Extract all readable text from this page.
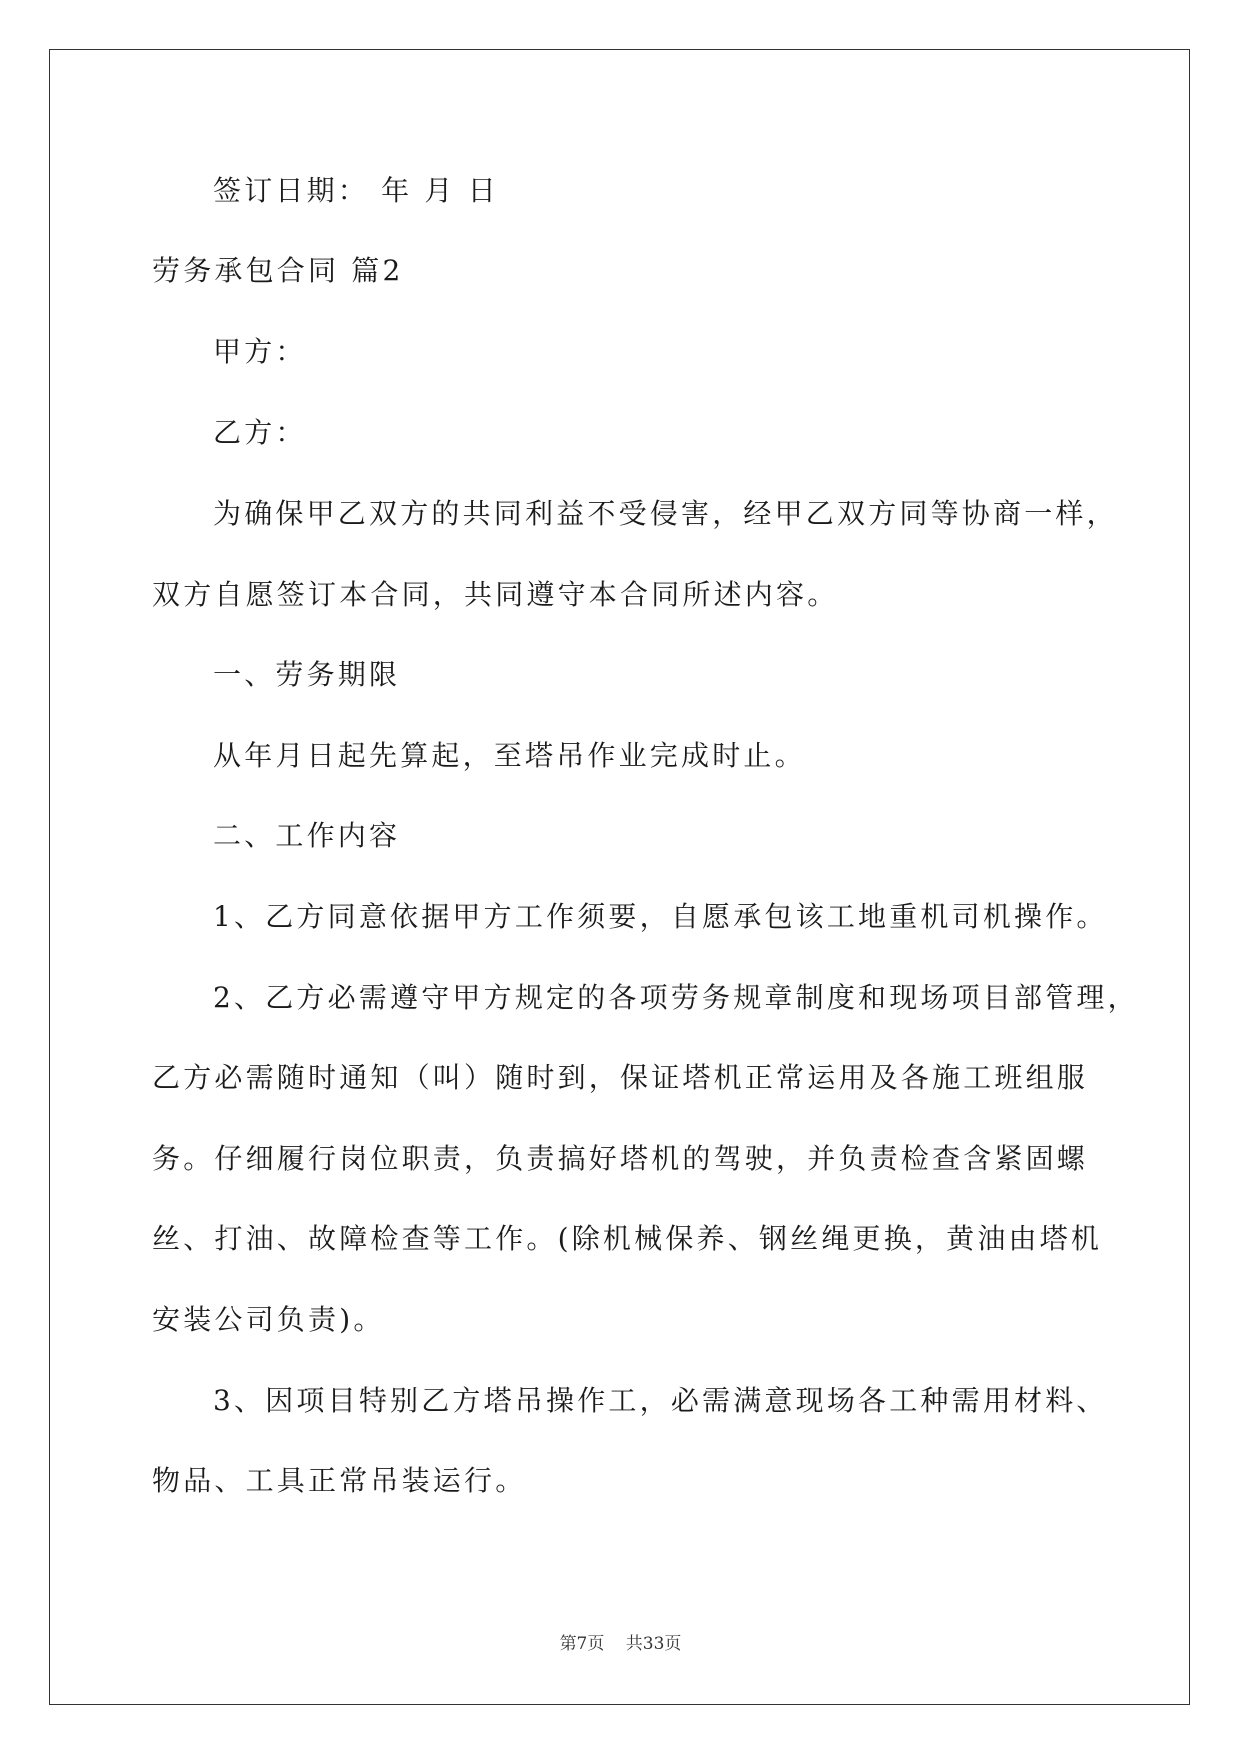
签订日期： 年 月 日
劳务承包合同 篇2
甲方：
乙方：
为确保甲乙双方的共同利益不受侵害，经甲乙双方同等协商一样，
双方自愿签订本合同，共同遵守本合同所述内容。
一、劳务期限
从年月日起先算起，至塔吊作业完成时止。
二、工作内容
1、乙方同意依据甲方工作须要，自愿承包该工地重机司机操作。
2、乙方必需遵守甲方规定的各项劳务规章制度和现场项目部管理，
乙方必需随时通知（叫）随时到，保证塔机正常运用及各施工班组服
务。仔细履行岗位职责，负责搞好塔机的驾驶，并负责检查含紧固螺
丝、打油、故障检查等工作。(除机械保养、钢丝绳更换，黄油由塔机
安装公司负责)。
3、因项目特别乙方塔吊操作工，必需满意现场各工种需用材料、
物品、工具正常吊装运行。
第7页 共33页
